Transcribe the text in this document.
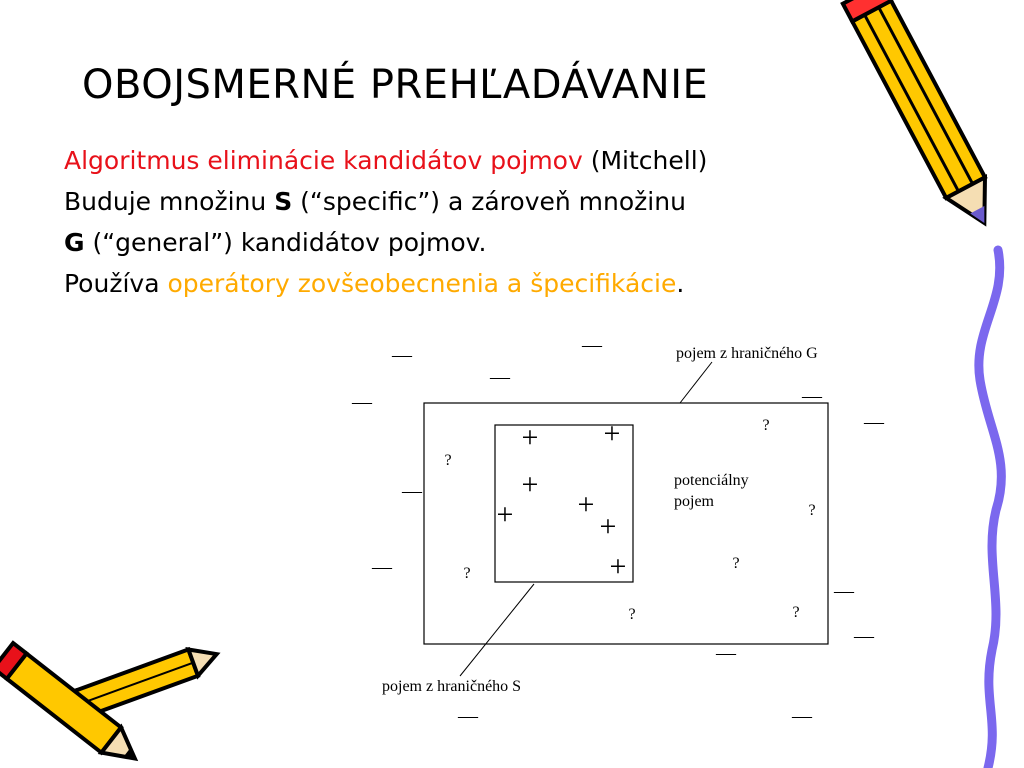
OBOJSMERNÉ PREHĽADÁVANIE
Algoritmus eliminácie kandidátov pojmov (Mitchell)
Buduje množinu S (“specific”) a zároveň množinu
G (“general”) kandidátov pojmov.
Používa operátory zovšeobecnenia a špecifikácie.
pojem z hraničného G
pojem z hraničného S
potenciálny
pojem
+ +
+
+
+	+
+
?
?
?
?
?
?	?
—	—
—
—	—
—
—
—
—
—
—
—	—
